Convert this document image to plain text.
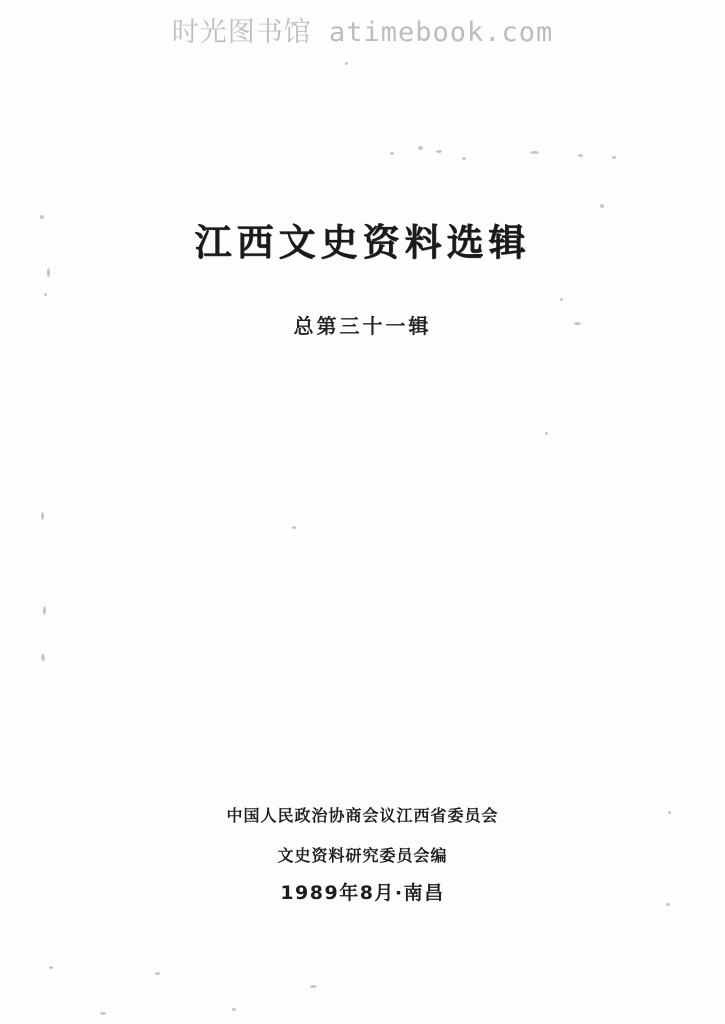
时光图书馆 atimebook.com
江西文史资料选辑
总第三十一辑
中国人民政治协商会议江西省委员会
文史资料研究委员会编
1989年8月·南昌
